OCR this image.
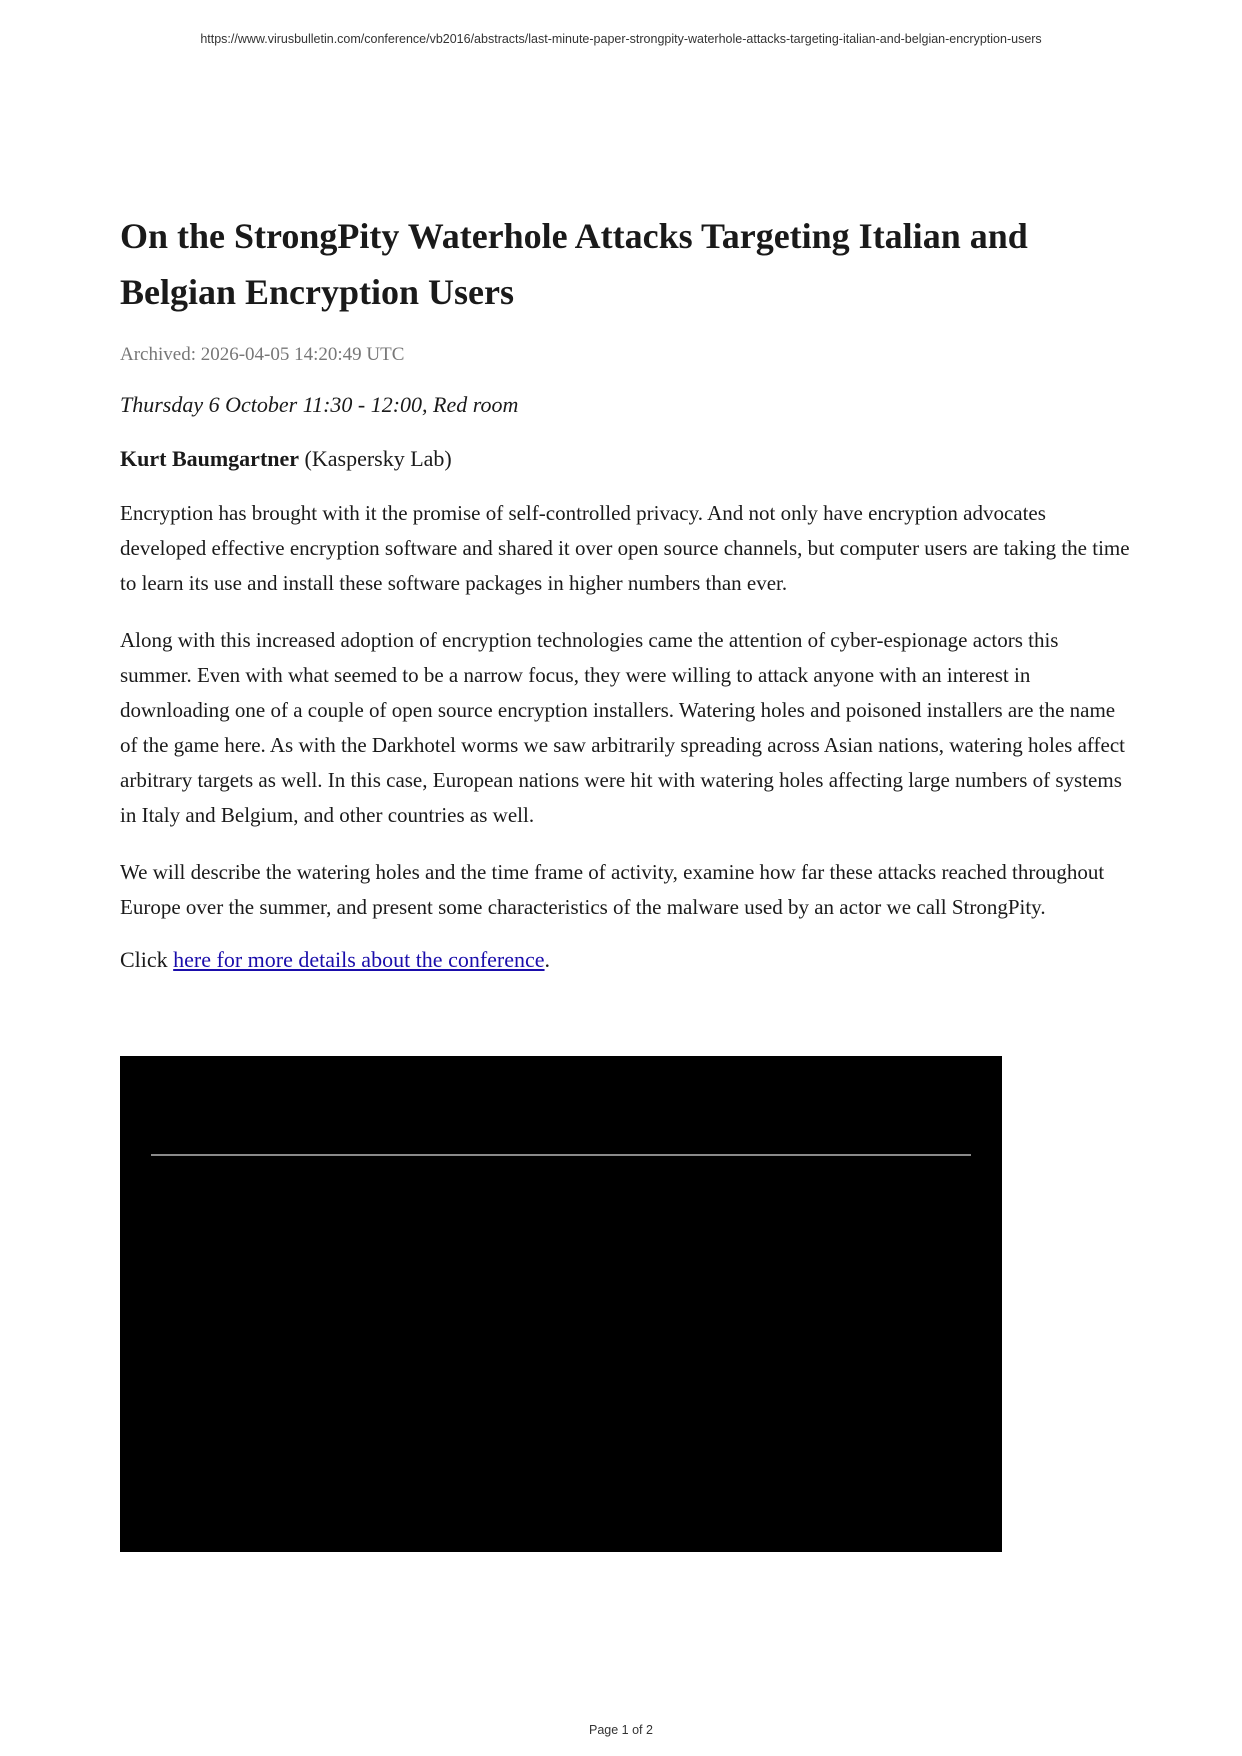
https://www.virusbulletin.com/conference/vb2016/abstracts/last-minute-paper-strongpity-waterhole-attacks-targeting-italian-and-belgian-encryption-users
On the StrongPity Waterhole Attacks Targeting Italian and Belgian Encryption Users

Archived: 2026-04-05 14:20:49 UTC

Thursday 6 October 11:30 - 12:00, Red room

Kurt Baumgartner (Kaspersky Lab)

Encryption has brought with it the promise of self-controlled privacy. And not only have encryption advocates developed effective encryption software and shared it over open source channels, but computer users are taking the time to learn its use and install these software packages in higher numbers than ever.

Along with this increased adoption of encryption technologies came the attention of cyber-espionage actors this summer. Even with what seemed to be a narrow focus, they were willing to attack anyone with an interest in downloading one of a couple of open source encryption installers. Watering holes and poisoned installers are the name of the game here. As with the Darkhotel worms we saw arbitrarily spreading across Asian nations, watering holes affect arbitrary targets as well. In this case, European nations were hit with watering holes affecting large numbers of systems in Italy and Belgium, and other countries as well.

We will describe the watering holes and the time frame of activity, examine how far these attacks reached throughout Europe over the summer, and present some characteristics of the malware used by an actor we call StrongPity.

Click here for more details about the conference.

Page 1 of 2
